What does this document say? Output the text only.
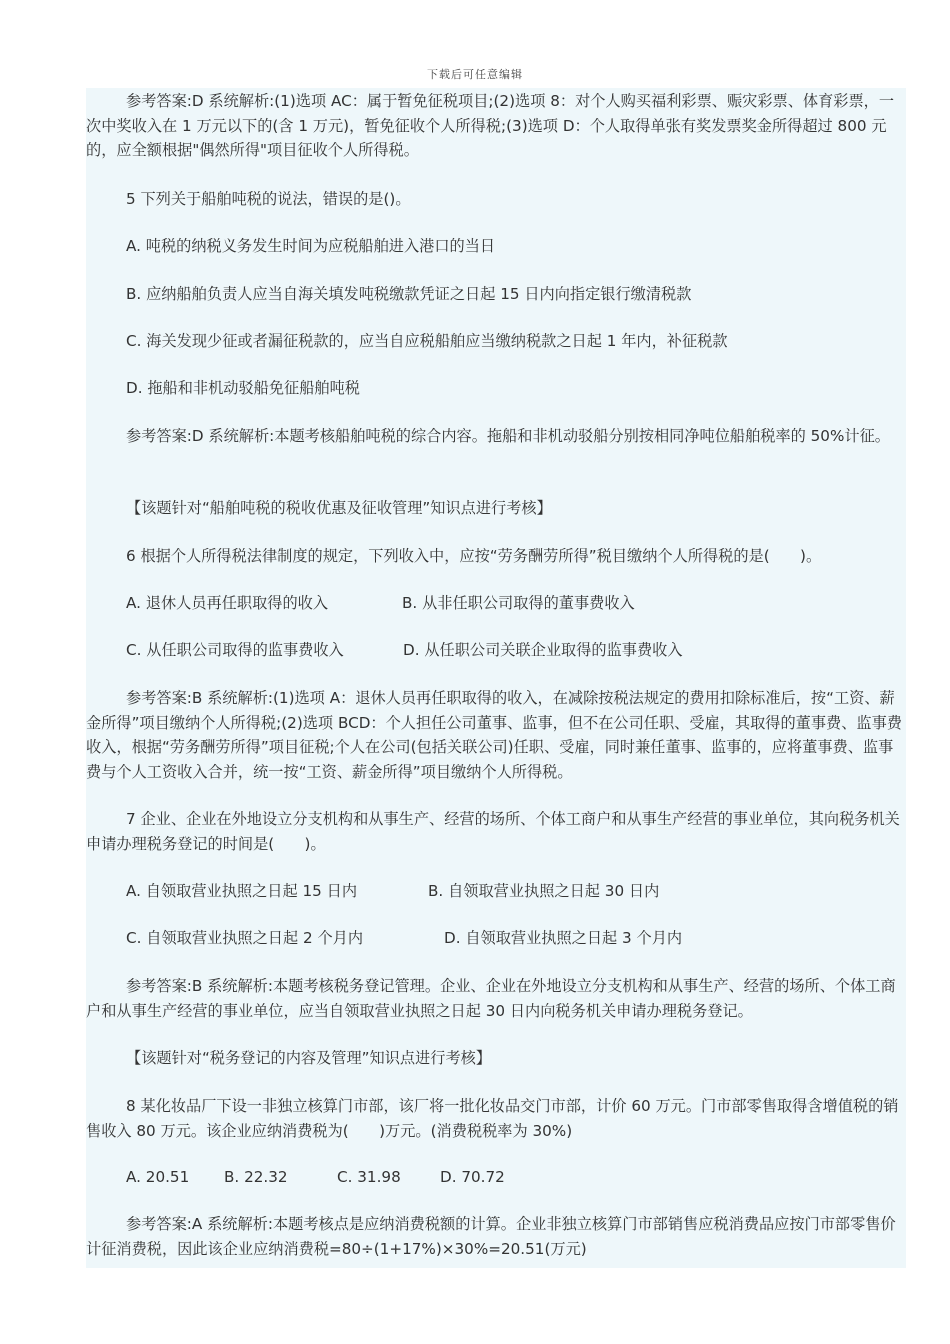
下载后可任意编辑
参考答案:D 系统解析:(1)选项 AC：属于暂免征税项目;(2)选项 8：对个人购买福利彩票、赈灾彩票、体育彩票，一次中奖收入在 1 万元以下的(含 1 万元)，暂免征收个人所得税;(3)选项 D：个人取得单张有奖发票奖金所得超过 800 元的，应全额根据"偶然所得"项目征收个人所得税。
5 下列关于船舶吨税的说法，错误的是()。
A. 吨税的纳税义务发生时间为应税船舶进入港口的当日
B. 应纳船舶负责人应当自海关填发吨税缴款凭证之日起 15 日内向指定银行缴清税款
C. 海关发现少征或者漏征税款的，应当自应税船舶应当缴纳税款之日起 1 年内，补征税款
D. 拖船和非机动驳船免征船舶吨税
参考答案:D 系统解析:本题考核船舶吨税的综合内容。拖船和非机动驳船分别按相同净吨位船舶税率的 50%计征。
【该题针对“船舶吨税的税收优惠及征收管理”知识点进行考核】
6 根据个人所得税法律制度的规定，下列收入中，应按“劳务酬劳所得”税目缴纳个人所得税的是(　　)。
A. 退休人员再任职取得的收入	B. 从非任职公司取得的董事费收入
C. 从任职公司取得的监事费收入	D. 从任职公司关联企业取得的监事费收入
参考答案:B 系统解析:(1)选项 A：退休人员再任职取得的收入，在减除按税法规定的费用扣除标准后，按“工资、薪金所得”项目缴纳个人所得税;(2)选项 BCD：个人担任公司董事、监事，但不在公司任职、受雇，其取得的董事费、监事费收入，根据“劳务酬劳所得”项目征税;个人在公司(包括关联公司)任职、受雇，同时兼任董事、监事的，应将董事费、监事费与个人工资收入合并，统一按“工资、薪金所得”项目缴纳个人所得税。
7 企业、企业在外地设立分支机构和从事生产、经营的场所、个体工商户和从事生产经营的事业单位，其向税务机关申请办理税务登记的时间是(　　)。
A. 自领取营业执照之日起 15 日内	B. 自领取营业执照之日起 30 日内
C. 自领取营业执照之日起 2 个月内	D. 自领取营业执照之日起 3 个月内
参考答案:B 系统解析:本题考核税务登记管理。企业、企业在外地设立分支机构和从事生产、经营的场所、个体工商户和从事生产经营的事业单位，应当自领取营业执照之日起 30 日内向税务机关申请办理税务登记。
【该题针对“税务登记的内容及管理”知识点进行考核】
8 某化妆品厂下设一非独立核算门市部，该厂将一批化妆品交门市部，计价 60 万元。门市部零售取得含增值税的销售收入 80 万元。该企业应纳消费税为(　　)万元。(消费税税率为 30%)
A. 20.51 B. 22.32	C. 31.98	D. 70.72
参考答案:A 系统解析:本题考核点是应纳消费税额的计算。企业非独立核算门市部销售应税消费品应按门市部零售价计征消费税，因此该企业应纳消费税=80÷(1+17%)×30%=20.51(万元)
